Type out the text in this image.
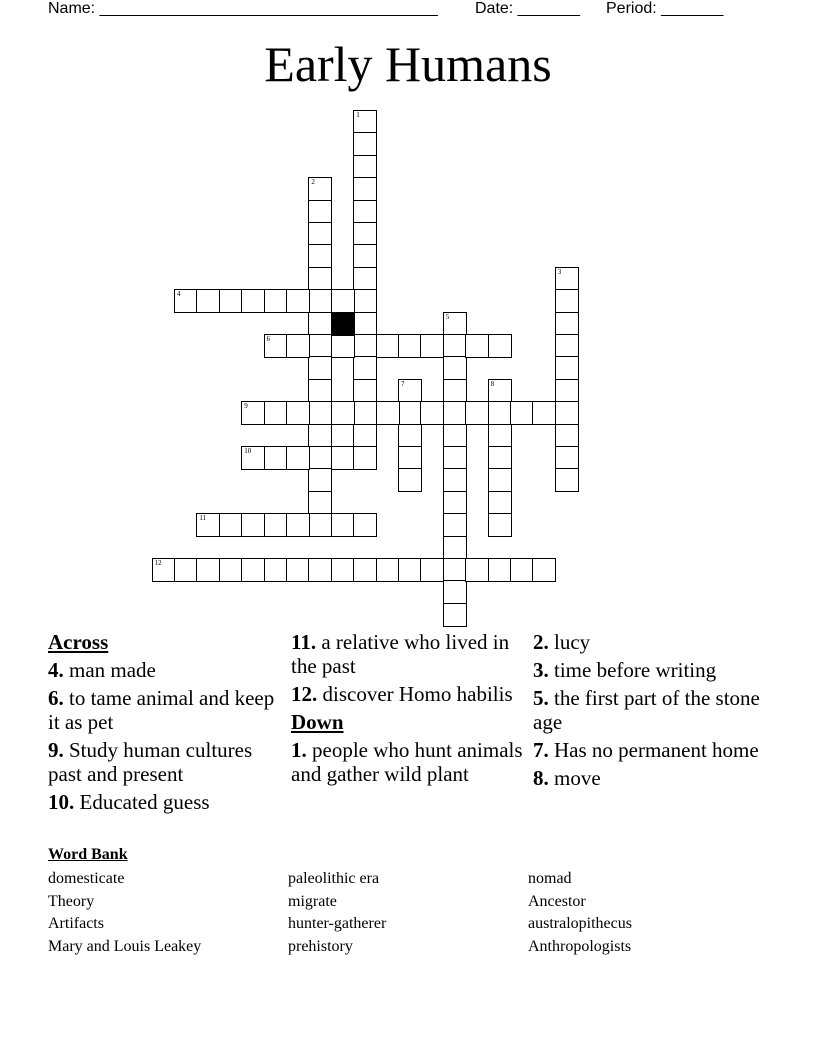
Name: ______________________________________ Date: _______ Period: _______
Early Humans
1
2
3
4
5
6
7	8
9
10
11
12
Across
4. man made
6. to tame animal and keep it as pet
9. Study human cultures past and present
10. Educated guess
11. a relative who lived in the past
12. discover Homo habilis
Down
1. people who hunt animals and gather wild plant
2. lucy
3. time before writing
5. the first part of the stone age
7. Has no permanent home
8. move
Word Bank
domesticate
Theory
Artifacts
Mary and Louis Leakey
paleolithic era
migrate
hunter-gatherer
prehistory
nomad
Ancestor
australopithecus
Anthropologists
